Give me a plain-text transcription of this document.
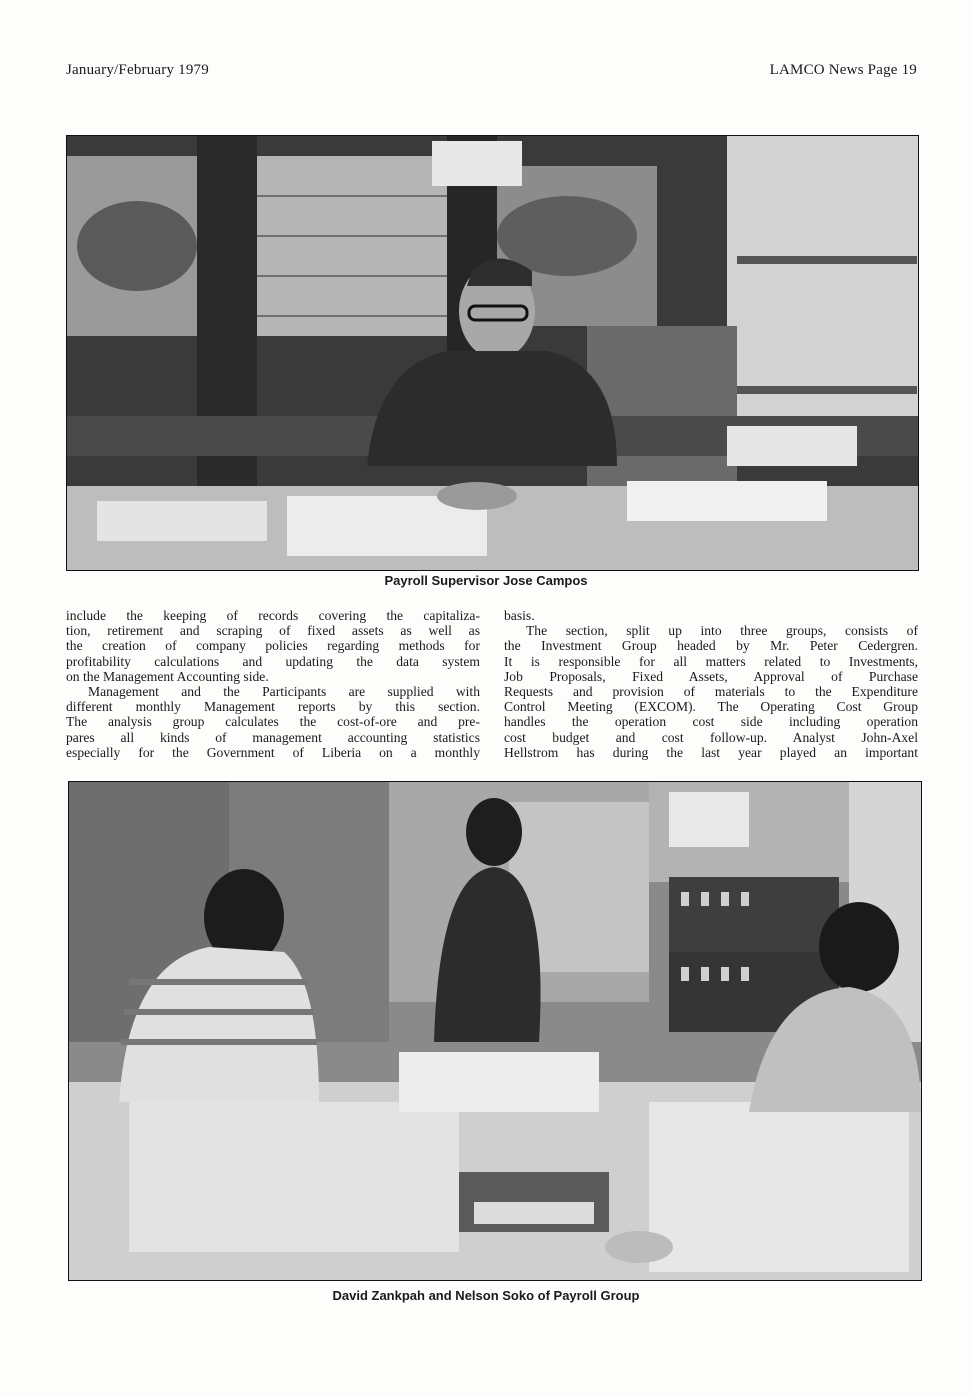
January/February 1979	LAMCO News Page 19
Payroll Supervisor Jose Campos
include the keeping of records covering the capitaliza-
tion, retirement and scraping of fixed assets as well as
the creation of company policies regarding methods for
profitability calculations and updating the data system
on the Management Accounting side.
Management and the Participants are supplied with
different monthly Management reports by this section.
The analysis group calculates the cost-of-ore and pre-
pares all kinds of management accounting statistics
especially for the Government of Liberia on a monthly
basis.
The section, split up into three groups, consists of
the Investment Group headed by Mr. Peter Cedergren.
It is responsible for all matters related to Investments,
Job Proposals, Fixed Assets, Approval of Purchase
Requests and provision of materials to the Expenditure
Control Meeting (EXCOM). The Operating Cost Group
handles the operation cost side including operation
cost budget and cost follow-up. Analyst John-Axel
Hellstrom has during the last year played an important
David Zankpah and Nelson Soko of Payroll Group
